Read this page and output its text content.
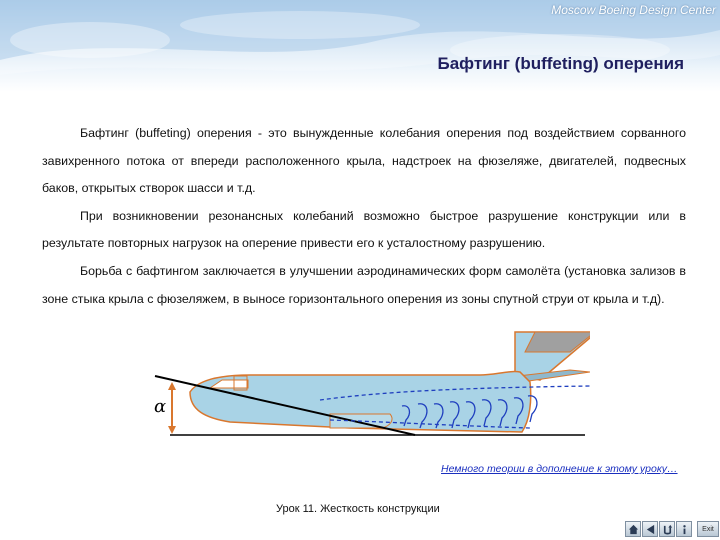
Moscow Boeing Design Center
Бафтинг (buffeting) оперения

Бафтинг (buffeting) оперения - это вынужденные колебания оперения под воздействием сорванного завихренного потока от впереди расположенного крыла, надстроек на фюзеляже, двигателей, подвесных баков, открытых створок шасси и т.д.

При возникновении резонансных колебаний возможно быстрое разрушение конструкции или в результате повторных нагрузок на оперение привести его к усталостному разрушению.

Борьба с бафтингом заключается в улучшении аэродинамических форм самолёта (установка зализов в зоне стыка крыла с фюзеляжем, в выносе горизонтального оперения из зоны спутной струи от крыла и т.д).

α
Немного теории в дополнение к этому уроку…
Урок 11. Жесткость конструкции
Exit
